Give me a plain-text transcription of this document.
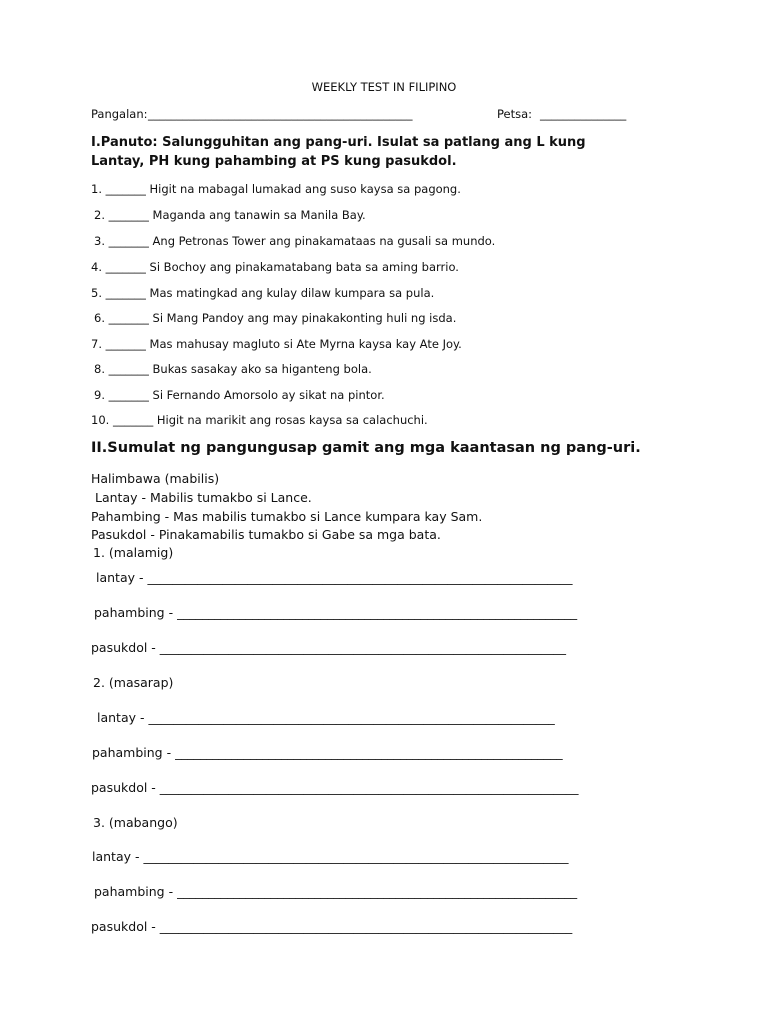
WEEKLY TEST IN FILIPINO
Pangalan: ______________________________________________	Petsa: _______________
I.Panuto: Salungguhitan ang pang-uri. Isulat sa patlang ang L kung Lantay, PH kung pahambing at PS kung pasukdol.
1. _______ Higit na mabagal lumakad ang suso kaysa sa pagong.
2. _______ Maganda ang tanawin sa Manila Bay.
3. _______ Ang Petronas Tower ang pinakamataas na gusali sa mundo.
4. _______ Si Bochoy ang pinakamatabang bata sa aming barrio.
5. _______ Mas matingkad ang kulay dilaw kumpara sa pula.
6. _______ Si Mang Pandoy ang may pinakakonting huli ng isda.
7. _______ Mas mahusay magluto si Ate Myrna kaysa kay Ate Joy.
8. _______ Bukas sasakay ako sa higanteng bola.
9. _______ Si Fernando Amorsolo ay sikat na pintor.
10. _______ Higit na marikit ang rosas kaysa sa calachuchi.
II.Sumulat ng pangungusap gamit ang mga kaantasan ng pang-uri.
Halimbawa (mabilis)
Lantay - Mabilis tumakbo si Lance.
Pahambing - Mas mabilis tumakbo si Lance kumpara kay Sam.
Pasukdol - Pinakamabilis tumakbo si Gabe sa mga bata.
1. (malamig)
lantay - ____________________________________________________________________
pahambing - ________________________________________________________________
pasukdol - _________________________________________________________________
2. (masarap)
lantay - _________________________________________________________________
pahambing - ______________________________________________________________
pasukdol - ___________________________________________________________________
3. (mabango)
lantay - ____________________________________________________________________
pahambing - ________________________________________________________________
pasukdol - __________________________________________________________________
